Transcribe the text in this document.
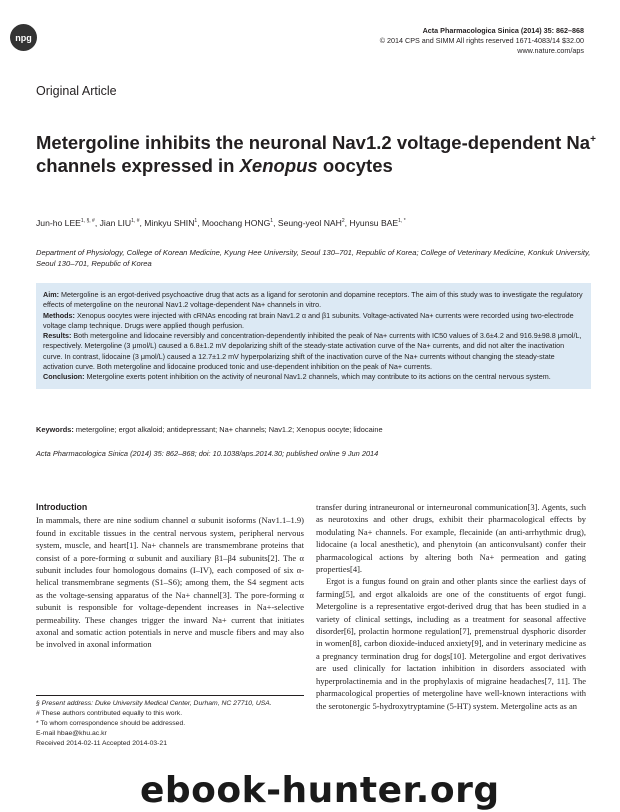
npg
Acta Pharmacologica Sinica (2014) 35: 862–868
© 2014 CPS and SIMM All rights reserved 1671-4083/14 $32.00
www.nature.com/aps
Original Article
Metergoline inhibits the neuronal Nav1.2 voltage-dependent Na+ channels expressed in Xenopus oocytes
Jun-ho $LEE^{1, \S, \#}$, Jian $LIU^{1, \#}$, Minkyu SHIN$^1$, Moochang HONG$^1$, Seung-yeol NAH$^2$, Hyunsu $BAE^{1, *}$
Department of Physiology, College of Korean Medicine, Kyung Hee University, Seoul 130–701, Republic of Korea; College of Veterinary Medicine, Konkuk University, Seoul 130–701, Republic of Korea

Aim: Metergoline is an ergot-derived psychoactive drug that acts as a ligand for serotonin and dopamine receptors. The aim of this study was to investigate the regulatory effects of metergoline on the neuronal Nav1.2 voltage-dependent Na+ channels in vitro.

Methods: Xenopus oocytes were injected with cRNAs encoding rat brain Nav1.2 α and β1 subunits. Voltage-activated Na+ currents were recorded using two-electrode voltage clamp technique. Drugs were applied though perfusion.

Results: Both metergoline and lidocaine reversibly and concentration-dependently inhibited the peak of Na+ currents with IC50 values of 3.6±4.2 and 916.9±98.8 μmol/L, respectively. Metergoline (3 μmol/L) caused a 6.8±1.2 mV depolarizing shift of the steady-state activation curve of the Na+ currents, and did not alter the inactivation curve. In contrast, lidocaine (3 μmol/L) caused a 12.7±1.2 mV hyperpolarizing shift of the inactivation curve of the Na+ currents without changing the steady-state activation curve. Both metergoline and lidocaine produced tonic and use-dependent inhibition on the peak of Na+ currents.

Conclusion: Metergoline exerts potent inhibition on the activity of neuronal Nav1.2 channels, which may contribute to its actions on the central nervous system.

Keywords: metergoline; ergot alkaloid; antidepressant; Na+ channels; Nav1.2; Xenopus oocyte; lidocaine
Acta Pharmacologica Sinica (2014) 35: 862–868; doi: 10.1038/aps.2014.30; published online 9 Jun 2014
Introduction

In mammals, there are nine sodium channel α subunit isoforms (Nav1.1–1.9) found in excitable tissues in the central nervous system, peripheral nervous system, muscle, and heart[1]. Na+ channels are transmembrane proteins that consist of a pore-forming α subunit and auxiliary β1–β4 subunits[2]. The α subunit includes four homologous domains (I–IV), each composed of six α-helical transmembrane segments (S1–S6); among them, the S4 segment acts as the voltage-sensing apparatus of the Na+ channel[3]. The pore-forming α subunit is responsible for voltage-dependent increases in Na+-selective permeability. These changes trigger the inward Na+ current that initiates axonal and somatic action potentials in nerve and muscle fibers and may also be involved in axonal information

§ Present address: Duke University Medical Center, Durham, NC 27710, USA.
# These authors contributed equally to this work.
* To whom correspondence should be addressed.
E-mail hbae@khu.ac.kr
Received 2014-02-11 Accepted 2014-03-21

transfer during intraneuronal or interneuronal communication[3]. Agents, such as neurotoxins and other drugs, exhibit their pharmacological effects by modulating Na+ channels. For example, flecainide (an anti-arrhythmic drug), lidocaine (a local anesthetic), and phenytoin (an anticonvulsant) confer their pharmacological actions by altering both Na+ permeation and gating properties[4].

Ergot is a fungus found on grain and other plants since the earliest days of farming[5], and ergot alkaloids are one of the constituents of ergot fungi. Metergoline is a representative ergot-derived drug that has been studied in a variety of clinical settings, including as a treatment for seasonal affective disorder[6], prolactin hormone regulation[7], premenstrual dysphoric disorder in women[8], carbon dioxide-induced anxiety[9], and in veterinary medicine as a pregnancy termination drug for dogs[10]. Metergoline and ergot derivatives are used clinically for lactation inhibition in disorders associated with hyperprolactinemia and in the prophylaxis of migraine headaches[7, 11]. The pharmacological properties of metergoline have well-known interactions with the serotonergic 5-hydroxytryptamine (5-HT) system. Metergoline acts as an

ebook-hunter.org
